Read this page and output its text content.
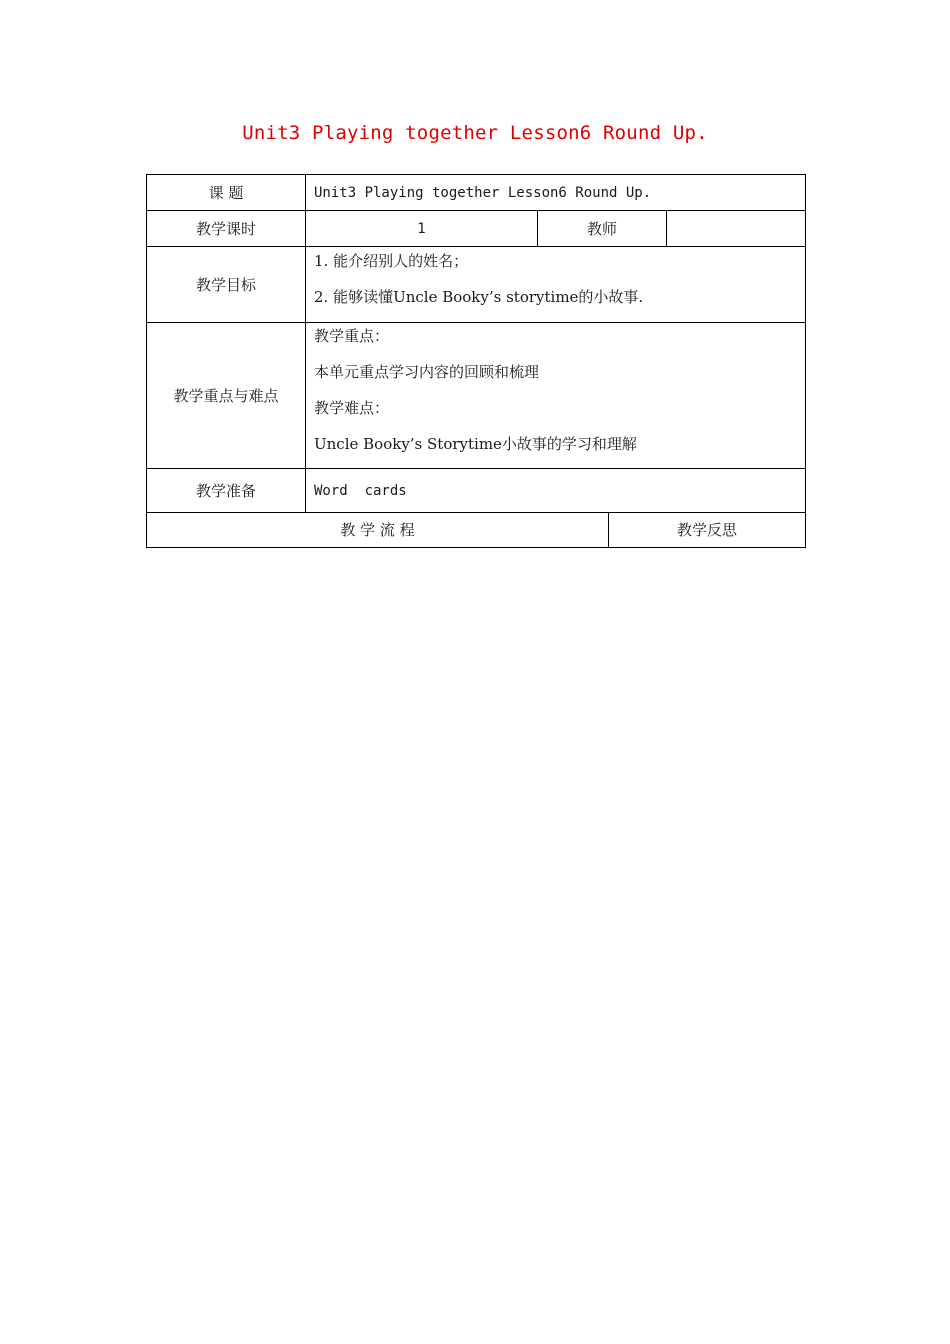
Unit3 Playing together Lesson6 Round Up.
课 题	Unit3 Playing together Lesson6 Round Up.			
教学课时	1	教师		
教学目标	1. 能介绍别人的姓名；
2. 能够读懂Uncle Booky’s storytime的小故事.			

教学重点与难点	教学重点：
本单元重点学习内容的回顾和梳理
教学难点：
Uncle Booky’s Storytime小故事的学习和理解			

教学准备	Word  cards			
教 学 流 程			教学反思	
